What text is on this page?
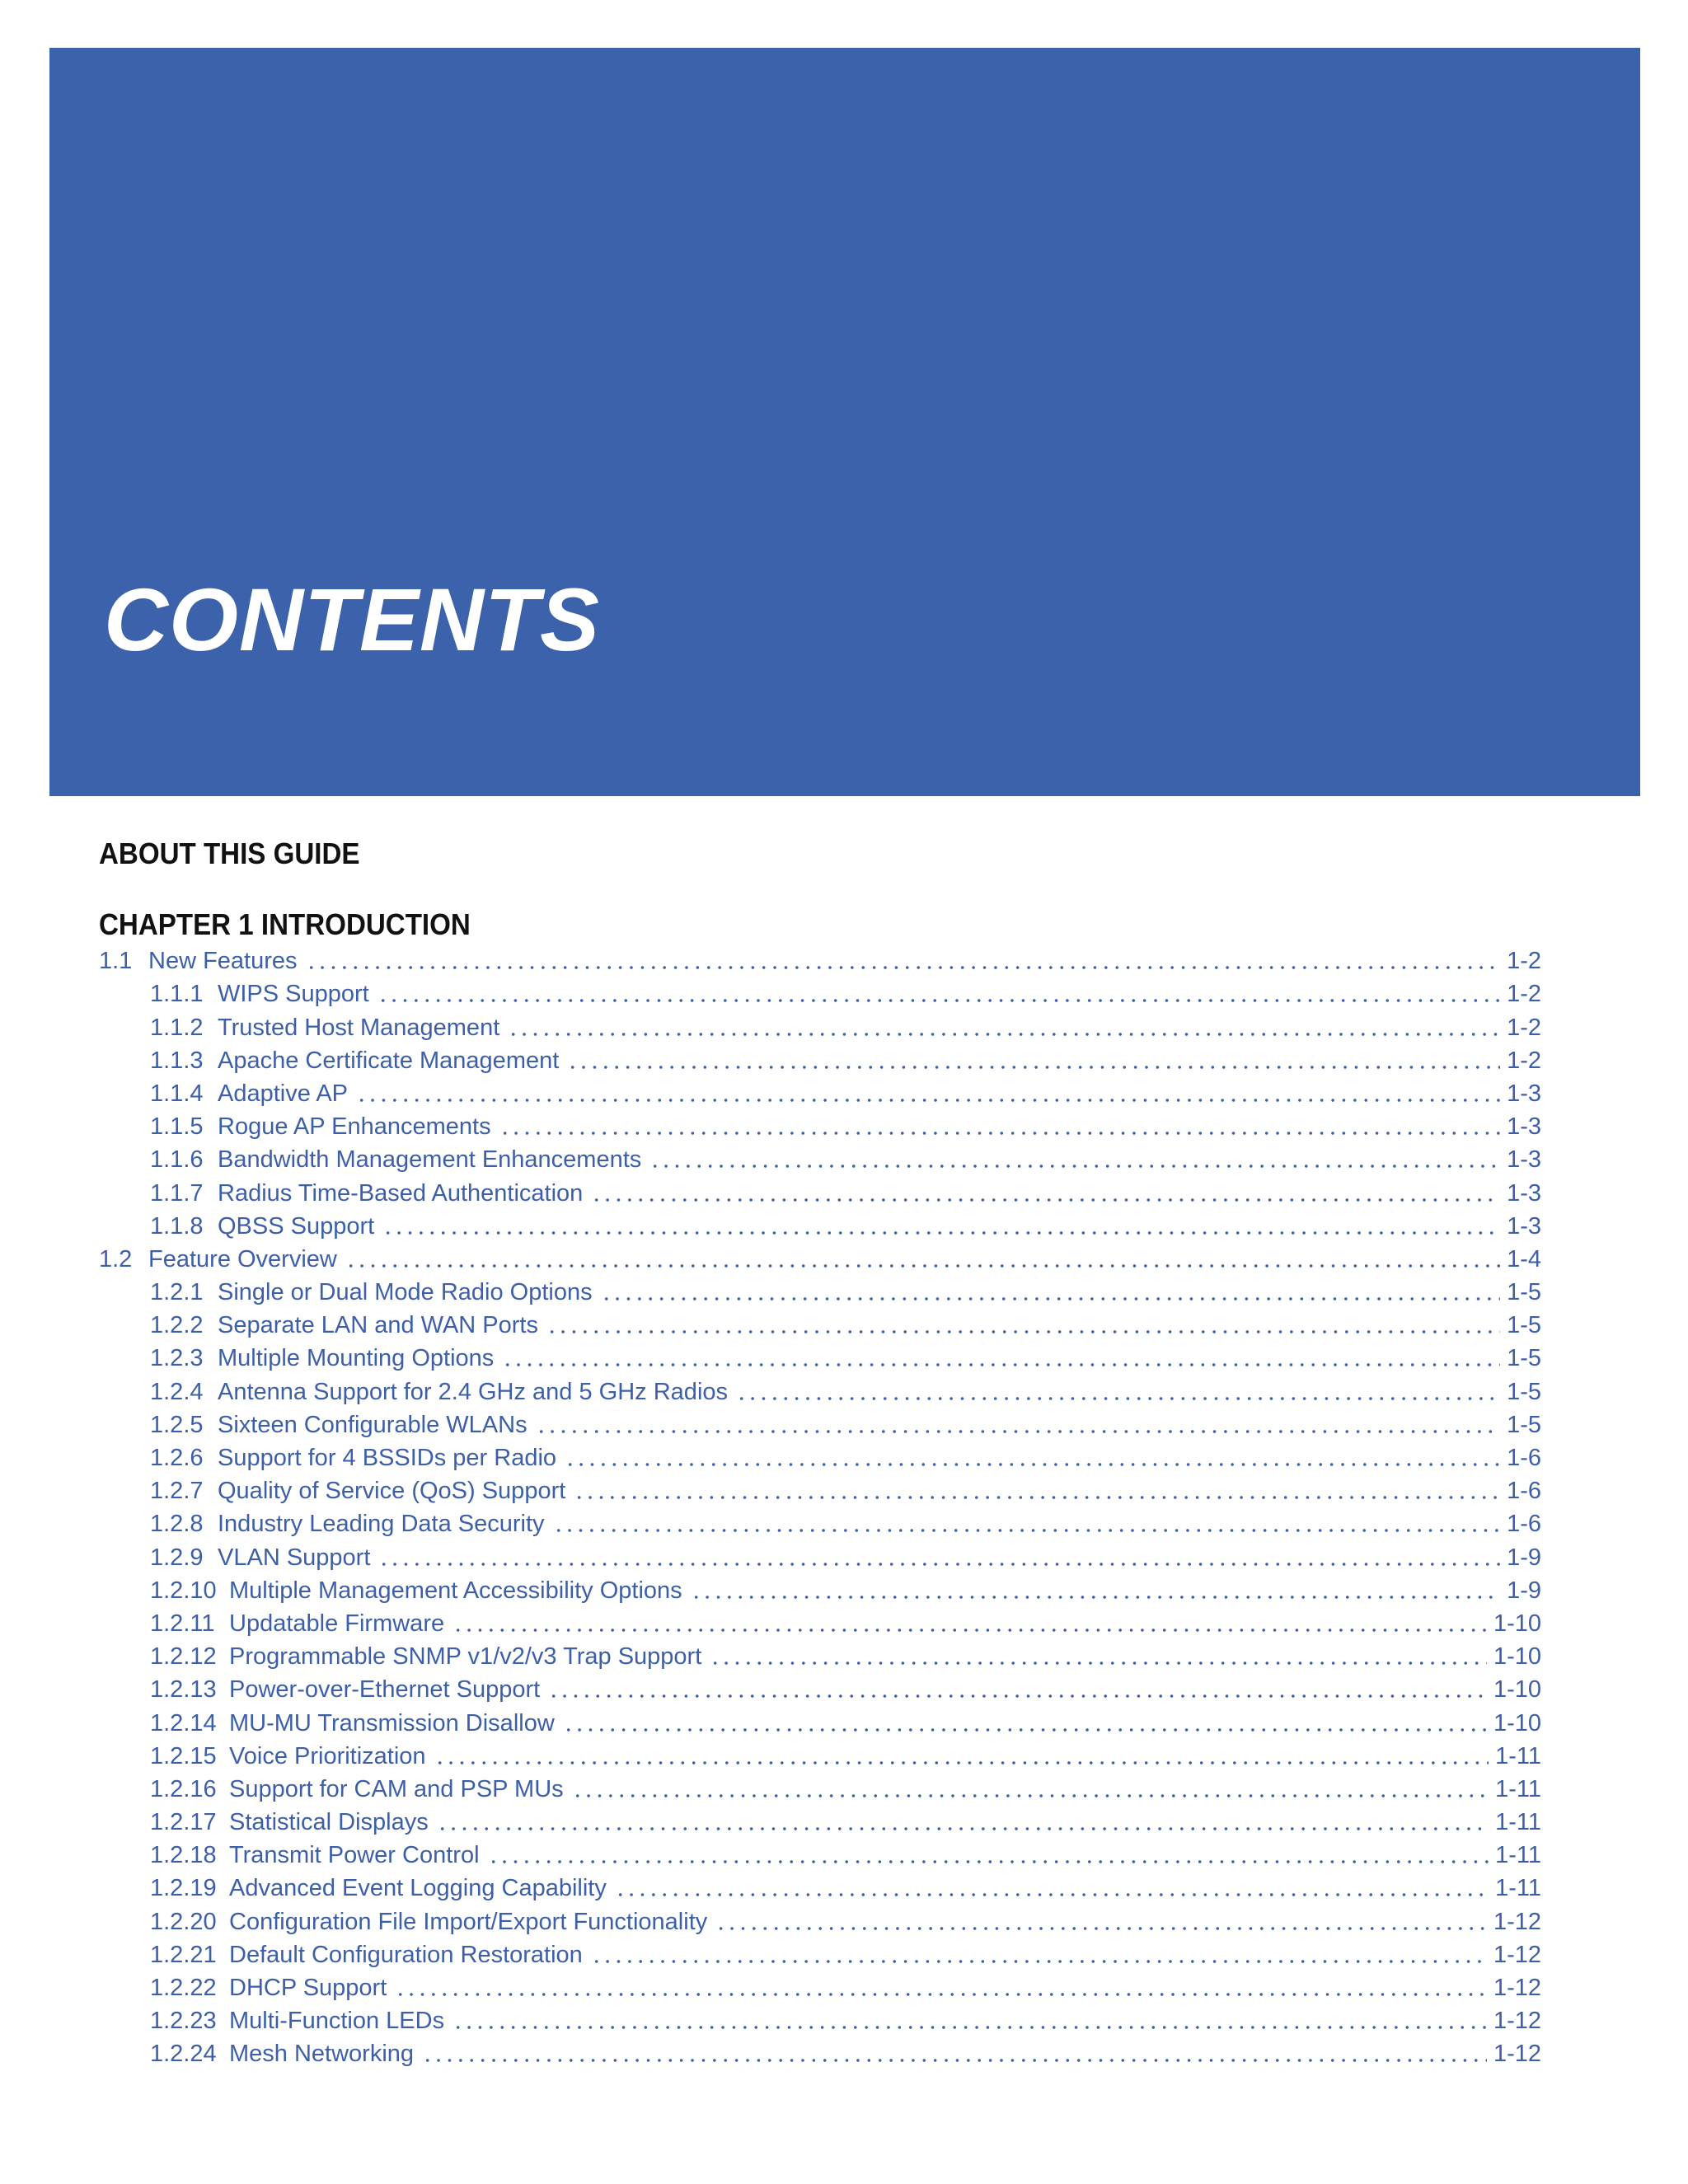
CONTENTS
ABOUT THIS GUIDE
CHAPTER 1 INTRODUCTION
1.1 New Features	1-2
1.1.1 WIPS Support	1-2
1.1.2 Trusted Host Management	1-2
1.1.3 Apache Certificate Management	1-2
1.1.4 Adaptive AP	1-3
1.1.5 Rogue AP Enhancements	1-3
1.1.6 Bandwidth Management Enhancements	1-3
1.1.7 Radius Time-Based Authentication	1-3
1.1.8 QBSS Support	1-3
1.2 Feature Overview	1-4
1.2.1 Single or Dual Mode Radio Options	1-5
1.2.2 Separate LAN and WAN Ports	1-5
1.2.3 Multiple Mounting Options	1-5
1.2.4 Antenna Support for 2.4 GHz and 5 GHz Radios	1-5
1.2.5 Sixteen Configurable WLANs	1-5
1.2.6 Support for 4 BSSIDs per Radio	1-6
1.2.7 Quality of Service (QoS) Support	1-6
1.2.8 Industry Leading Data Security	1-6
1.2.9 VLAN Support	1-9
1.2.10 Multiple Management Accessibility Options	1-9
1.2.11 Updatable Firmware	1-10
1.2.12 Programmable SNMP v1/v2/v3 Trap Support	1-10
1.2.13 Power-over-Ethernet Support	1-10
1.2.14 MU-MU Transmission Disallow	1-10
1.2.15 Voice Prioritization	1-11
1.2.16 Support for CAM and PSP MUs	1-11
1.2.17 Statistical Displays	1-11
1.2.18 Transmit Power Control	1-11
1.2.19 Advanced Event Logging Capability	1-11
1.2.20 Configuration File Import/Export Functionality	1-12
1.2.21 Default Configuration Restoration	1-12
1.2.22 DHCP Support	1-12
1.2.23 Multi-Function LEDs	1-12
1.2.24 Mesh Networking	1-12
